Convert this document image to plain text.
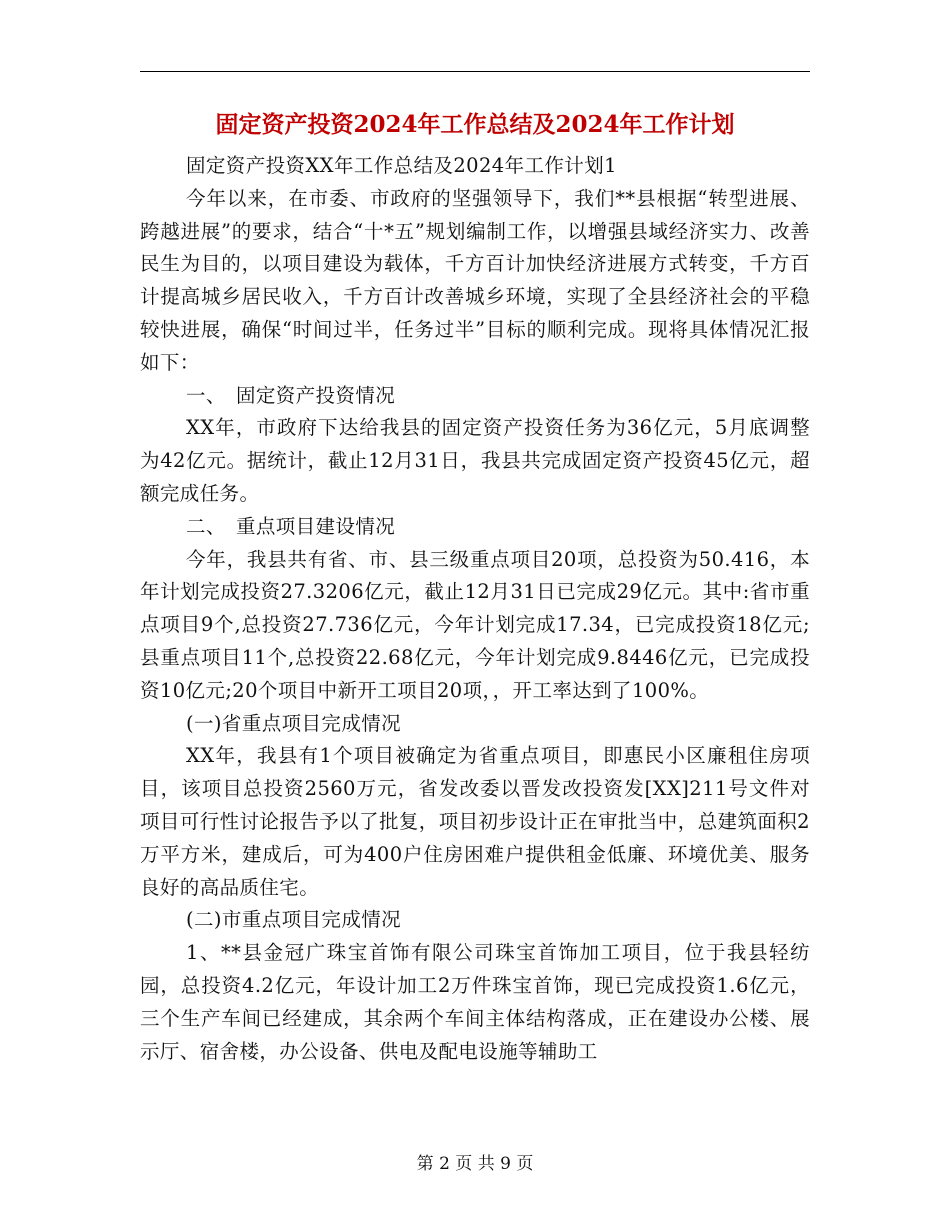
固定资产投资2024年工作总结及2024年工作计划

固定资产投资XX年工作总结及2024年工作计划1

今年以来，在市委、市政府的坚强领导下，我们**县根据“转型进展、跨越进展”的要求，结合“十*五”规划编制工作，以增强县域经济实力、改善民生为目的，以项目建设为载体，千方百计加快经济进展方式转变，千方百计提高城乡居民收入，千方百计改善城乡环境，实现了全县经济社会的平稳较快进展，确保“时间过半，任务过半”目标的顺利完成。现将具体情况汇报如下：

一、　固定资产投资情况

XX年，市政府下达给我县的固定资产投资任务为36亿元，5月底调整为42亿元。据统计，截止12月31日，我县共完成固定资产投资45亿元，超额完成任务。

二、　重点项目建设情况

今年，我县共有省、市、县三级重点项目20项，总投资为50.416，本年计划完成投资27.3206亿元，截止12月31日已完成29亿元。其中:省市重点项目9个,总投资27.736亿元，今年计划完成17.34，已完成投资18亿元;县重点项目11个,总投资22.68亿元，今年计划完成9.8446亿元，已完成投资10亿元;20个项目中新开工项目20项，，开工率达到了100%。

(一)省重点项目完成情况

XX年，我县有1个项目被确定为省重点项目，即惠民小区廉租住房项目，该项目总投资2560万元，省发改委以晋发改投资发[XX]211号文件对项目可行性讨论报告予以了批复，项目初步设计正在审批当中，总建筑面积2万平方米，建成后，可为400户住房困难户提供租金低廉、环境优美、服务良好的高品质住宅。

(二)市重点项目完成情况

1、**县金冠广珠宝首饰有限公司珠宝首饰加工项目，位于我县轻纺园，总投资4.2亿元，年设计加工2万件珠宝首饰，现已完成投资1.6亿元，三个生产车间已经建成，其余两个车间主体结构落成，正在建设办公楼、展示厅、宿舍楼，办公设备、供电及配电设施等辅助工

第 2 页 共 9 页
